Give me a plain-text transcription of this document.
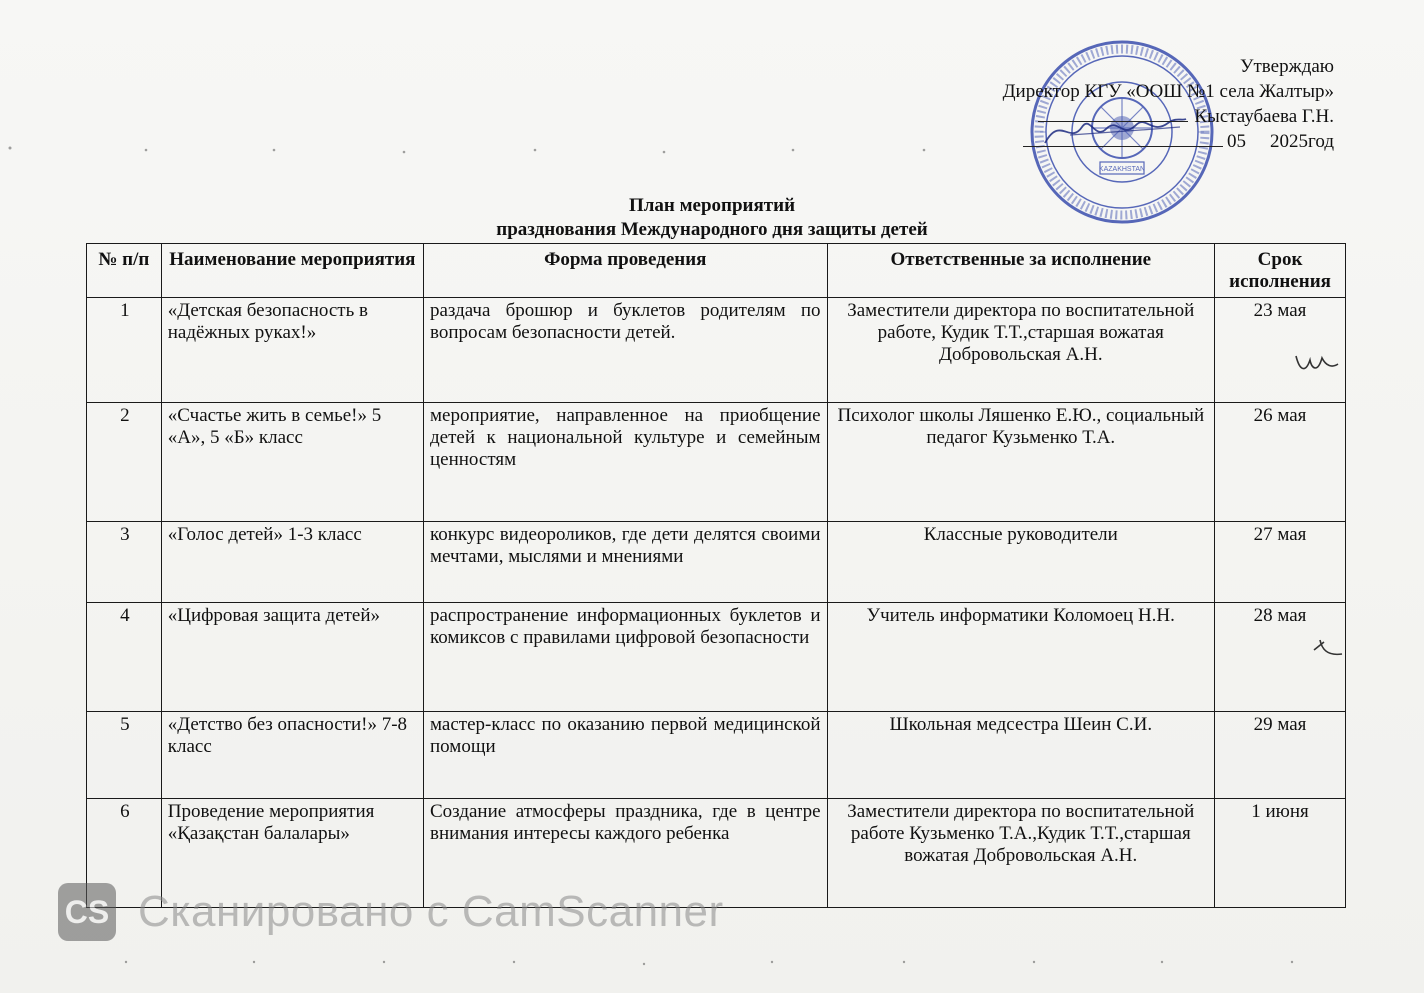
KAZAKHSTAN
Утверждаю
Директор КГУ «ООШ №1 села Жалтыр»
Кыстаубаева Г.Н.
05 2025год
План мероприятий
празднования Международного дня защиты детей
№ п/п	Наименование мероприятия	Форма проведения	Ответственные за исполнение	Срок исполнения
1	«Детская безопасность в надёжных руках!»	раздача брошюр и буклетов родителям по вопросам безопасности детей.	Заместители директора по воспитательной работе, Кудик Т.Т.,старшая вожатая Добровольская А.Н.	23 мая
2	«Счастье жить в семье!» 5 «А», 5 «Б» класс	мероприятие, направленное на приобщение детей к национальной культуре и семейным ценностям	Психолог школы Ляшенко Е.Ю., социальный педагог Кузьменко Т.А.	26 мая
3	«Голос детей» 1-3 класс	конкурс видеороликов, где дети делятся своими мечтами, мыслями и мнениями	Классные руководители	27 мая
4	«Цифровая защита детей»	распространение информационных буклетов и комиксов с правилами цифровой безопасности	Учитель информатики Коломоец Н.Н.	28 мая
5	«Детство без опасности!» 7-8 класс	мастер-класс по оказанию первой медицинской помощи	Школьная медсестра Шеин С.И.	29 мая
6	Проведение мероприятия «Қазақстан балалары»	Создание атмосферы праздника, где в центре внимания интересы каждого ребенка	Заместители директора по воспитательной работе Кузьменко Т.А.,Кудик Т.Т.,старшая вожатая Добровольская А.Н.	1 июня
CS Сканировано с CamScanner
